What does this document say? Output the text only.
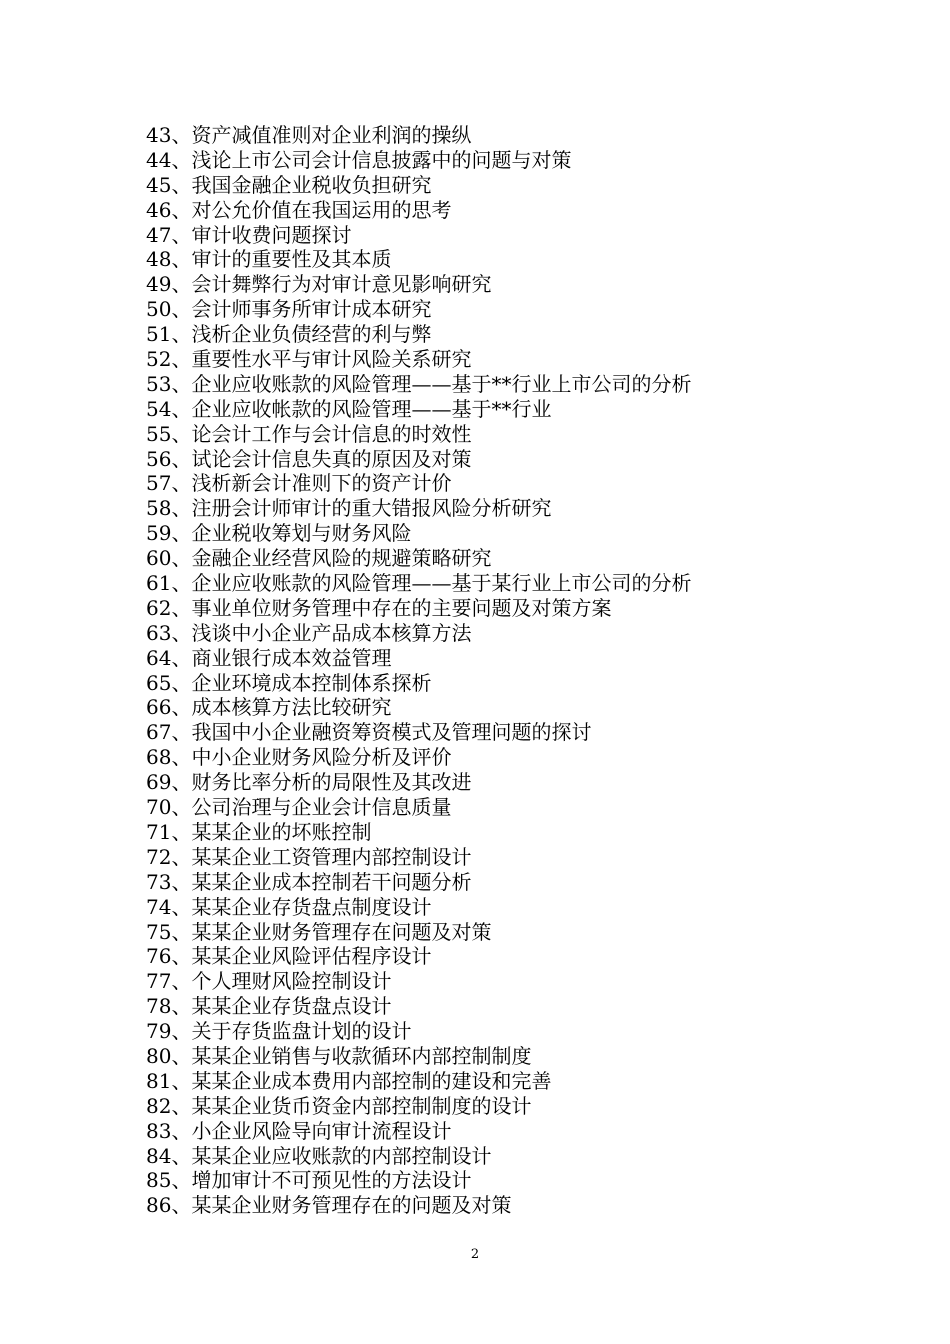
43、资产减值准则对企业利润的操纵
44、浅论上市公司会计信息披露中的问题与对策
45、我国金融企业税收负担研究
46、对公允价值在我国运用的思考
47、审计收费问题探讨
48、审计的重要性及其本质
49、会计舞弊行为对审计意见影响研究
50、会计师事务所审计成本研究
51、浅析企业负债经营的利与弊
52、重要性水平与审计风险关系研究
53、企业应收账款的风险管理——基于**行业上市公司的分析
54、企业应收帐款的风险管理——基于**行业
55、论会计工作与会计信息的时效性
56、试论会计信息失真的原因及对策
57、浅析新会计准则下的资产计价
58、注册会计师审计的重大错报风险分析研究
59、企业税收筹划与财务风险
60、金融企业经营风险的规避策略研究
61、企业应收账款的风险管理——基于某行业上市公司的分析
62、事业单位财务管理中存在的主要问题及对策方案
63、浅谈中小企业产品成本核算方法
64、商业银行成本效益管理
65、企业环境成本控制体系探析
66、成本核算方法比较研究
67、我国中小企业融资筹资模式及管理问题的探讨
68、中小企业财务风险分析及评价
69、财务比率分析的局限性及其改进
70、公司治理与企业会计信息质量
71、某某企业的坏账控制
72、某某企业工资管理内部控制设计
73、某某企业成本控制若干问题分析
74、某某企业存货盘点制度设计
75、某某企业财务管理存在问题及对策
76、某某企业风险评估程序设计
77、个人理财风险控制设计
78、某某企业存货盘点设计
79、关于存货监盘计划的设计
80、某某企业销售与收款循环内部控制制度
81、某某企业成本费用内部控制的建设和完善
82、某某企业货币资金内部控制制度的设计
83、小企业风险导向审计流程设计
84、某某企业应收账款的内部控制设计
85、增加审计不可预见性的方法设计
86、某某企业财务管理存在的问题及对策
2
